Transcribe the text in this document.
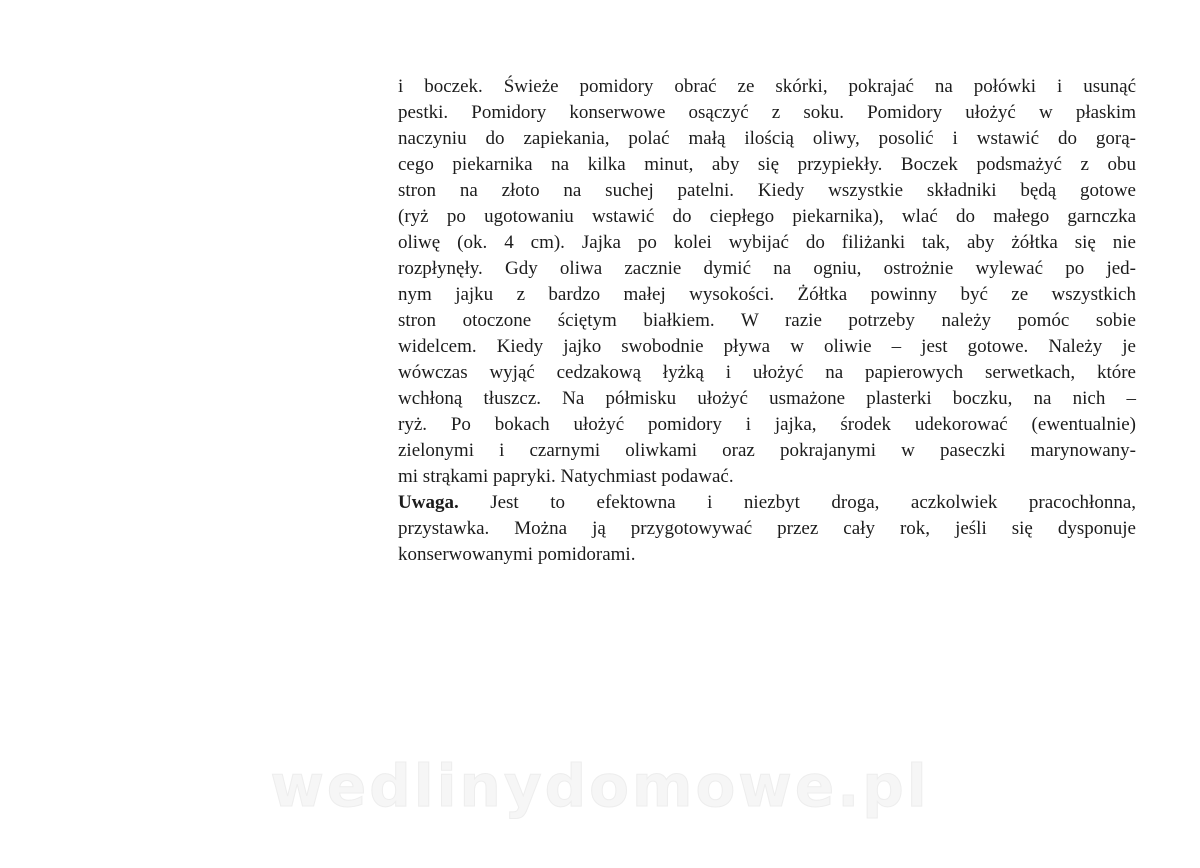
i boczek. Świeże pomidory obrać ze skórki, pokrajać na połówki i usunąć
pestki. Pomidory konserwowe osączyć z soku. Pomidory ułożyć w płaskim
naczyniu do zapiekania, polać małą ilością oliwy, posolić i wstawić do gorą-
cego piekarnika na kilka minut, aby się przypiekły. Boczek podsmażyć z obu
stron na złoto na suchej patelni. Kiedy wszystkie składniki będą gotowe
(ryż po ugotowaniu wstawić do ciepłego piekarnika), wlać do małego garnczka
oliwę (ok. 4 cm). Jajka po kolei wybijać do filiżanki tak, aby żółtka się nie
rozpłynęły. Gdy oliwa zacznie dymić na ogniu, ostrożnie wylewać po jed-
nym jajku z bardzo małej wysokości. Żółtka powinny być ze wszystkich
stron otoczone ściętym białkiem. W razie potrzeby należy pomóc sobie
widelcem. Kiedy jajko swobodnie pływa w oliwie – jest gotowe. Należy je
wówczas wyjąć cedzakową łyżką i ułożyć na papierowych serwetkach, które
wchłoną tłuszcz. Na półmisku ułożyć usmażone plasterki boczku, na nich –
ryż. Po bokach ułożyć pomidory i jajka, środek udekorować (ewentualnie)
zielonymi i czarnymi oliwkami oraz pokrajanymi w paseczki marynowany-
mi strąkami papryki. Natychmiast podawać.
Uwaga. Jest to efektowna i niezbyt droga, aczkolwiek pracochłonna,
przystawka. Można ją przygotowywać przez cały rok, jeśli się dysponuje
konserwowanymi pomidorami.
wedlinydomowe.pl
